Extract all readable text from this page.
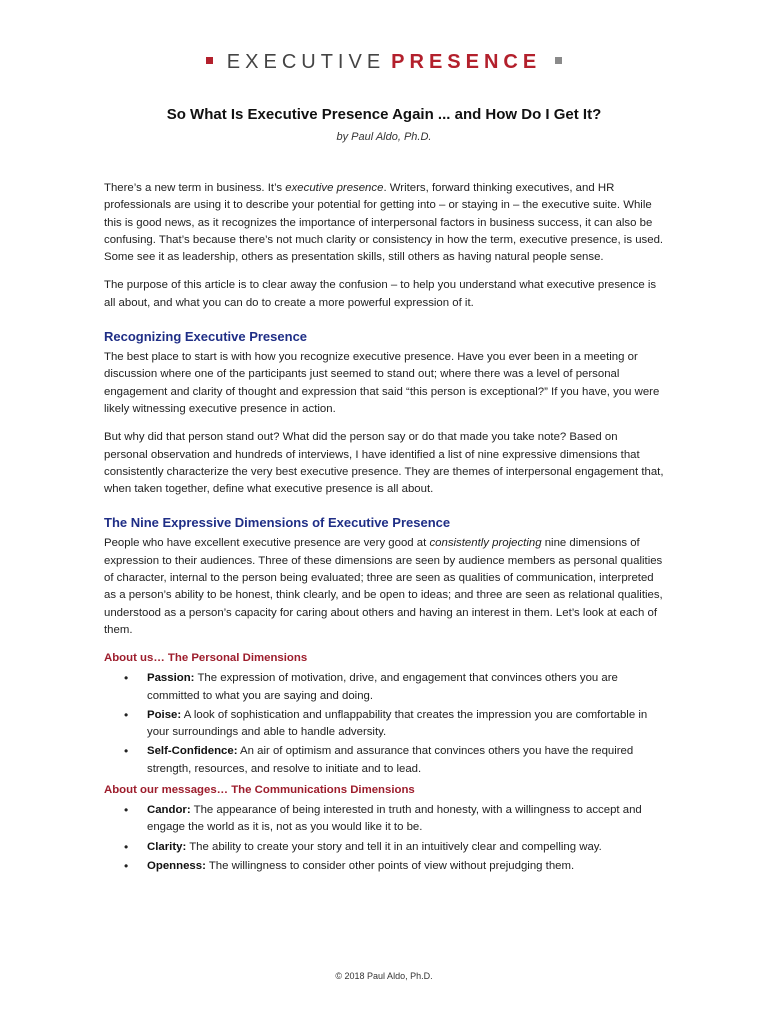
EXECUTIVE PRESENCE
So What Is Executive Presence Again ... and How Do I Get It?
by Paul Aldo, Ph.D.

There’s a new term in business. It’s executive presence. Writers, forward thinking executives, and HR professionals are using it to describe your potential for getting into – or staying in – the executive suite. While this is good news, as it recognizes the importance of interpersonal factors in business success, it can also be confusing. That’s because there’s not much clarity or consistency in how the term, executive presence, is used. Some see it as leadership, others as presentation skills, still others as having natural people sense.

The purpose of this article is to clear away the confusion – to help you understand what executive presence is all about, and what you can do to create a more powerful expression of it.

Recognizing Executive Presence

The best place to start is with how you recognize executive presence. Have you ever been in a meeting or discussion where one of the participants just seemed to stand out; where there was a level of personal engagement and clarity of thought and expression that said “this person is exceptional?” If you have, you were likely witnessing executive presence in action.

But why did that person stand out? What did the person say or do that made you take note? Based on personal observation and hundreds of interviews, I have identified a list of nine expressive dimensions that consistently characterize the very best executive presence. They are themes of interpersonal engagement that, when taken together, define what executive presence is all about.

The Nine Expressive Dimensions of Executive Presence

People who have excellent executive presence are very good at consistently projecting nine dimensions of expression to their audiences. Three of these dimensions are seen by audience members as personal qualities of character, internal to the person being evaluated; three are seen as qualities of communication, interpreted as a person’s ability to be honest, think clearly, and be open to ideas; and three are seen as relational qualities, understood as a person’s capacity for caring about others and having an interest in them. Let’s look at each of them.

About us… The Personal Dimensions
• Passion: The expression of motivation, drive, and engagement that convinces others you are committed to what you are saying and doing.
• Poise: A look of sophistication and unflappability that creates the impression you are comfortable in your surroundings and able to handle adversity.
• Self-Confidence: An air of optimism and assurance that convinces others you have the required strength, resources, and resolve to initiate and to lead.
About our messages… The Communications Dimensions
• Candor: The appearance of being interested in truth and honesty, with a willingness to accept and engage the world as it is, not as you would like it to be.
• Clarity: The ability to create your story and tell it in an intuitively clear and compelling way.
• Openness: The willingness to consider other points of view without prejudging them.
© 2018 Paul Aldo, Ph.D.
